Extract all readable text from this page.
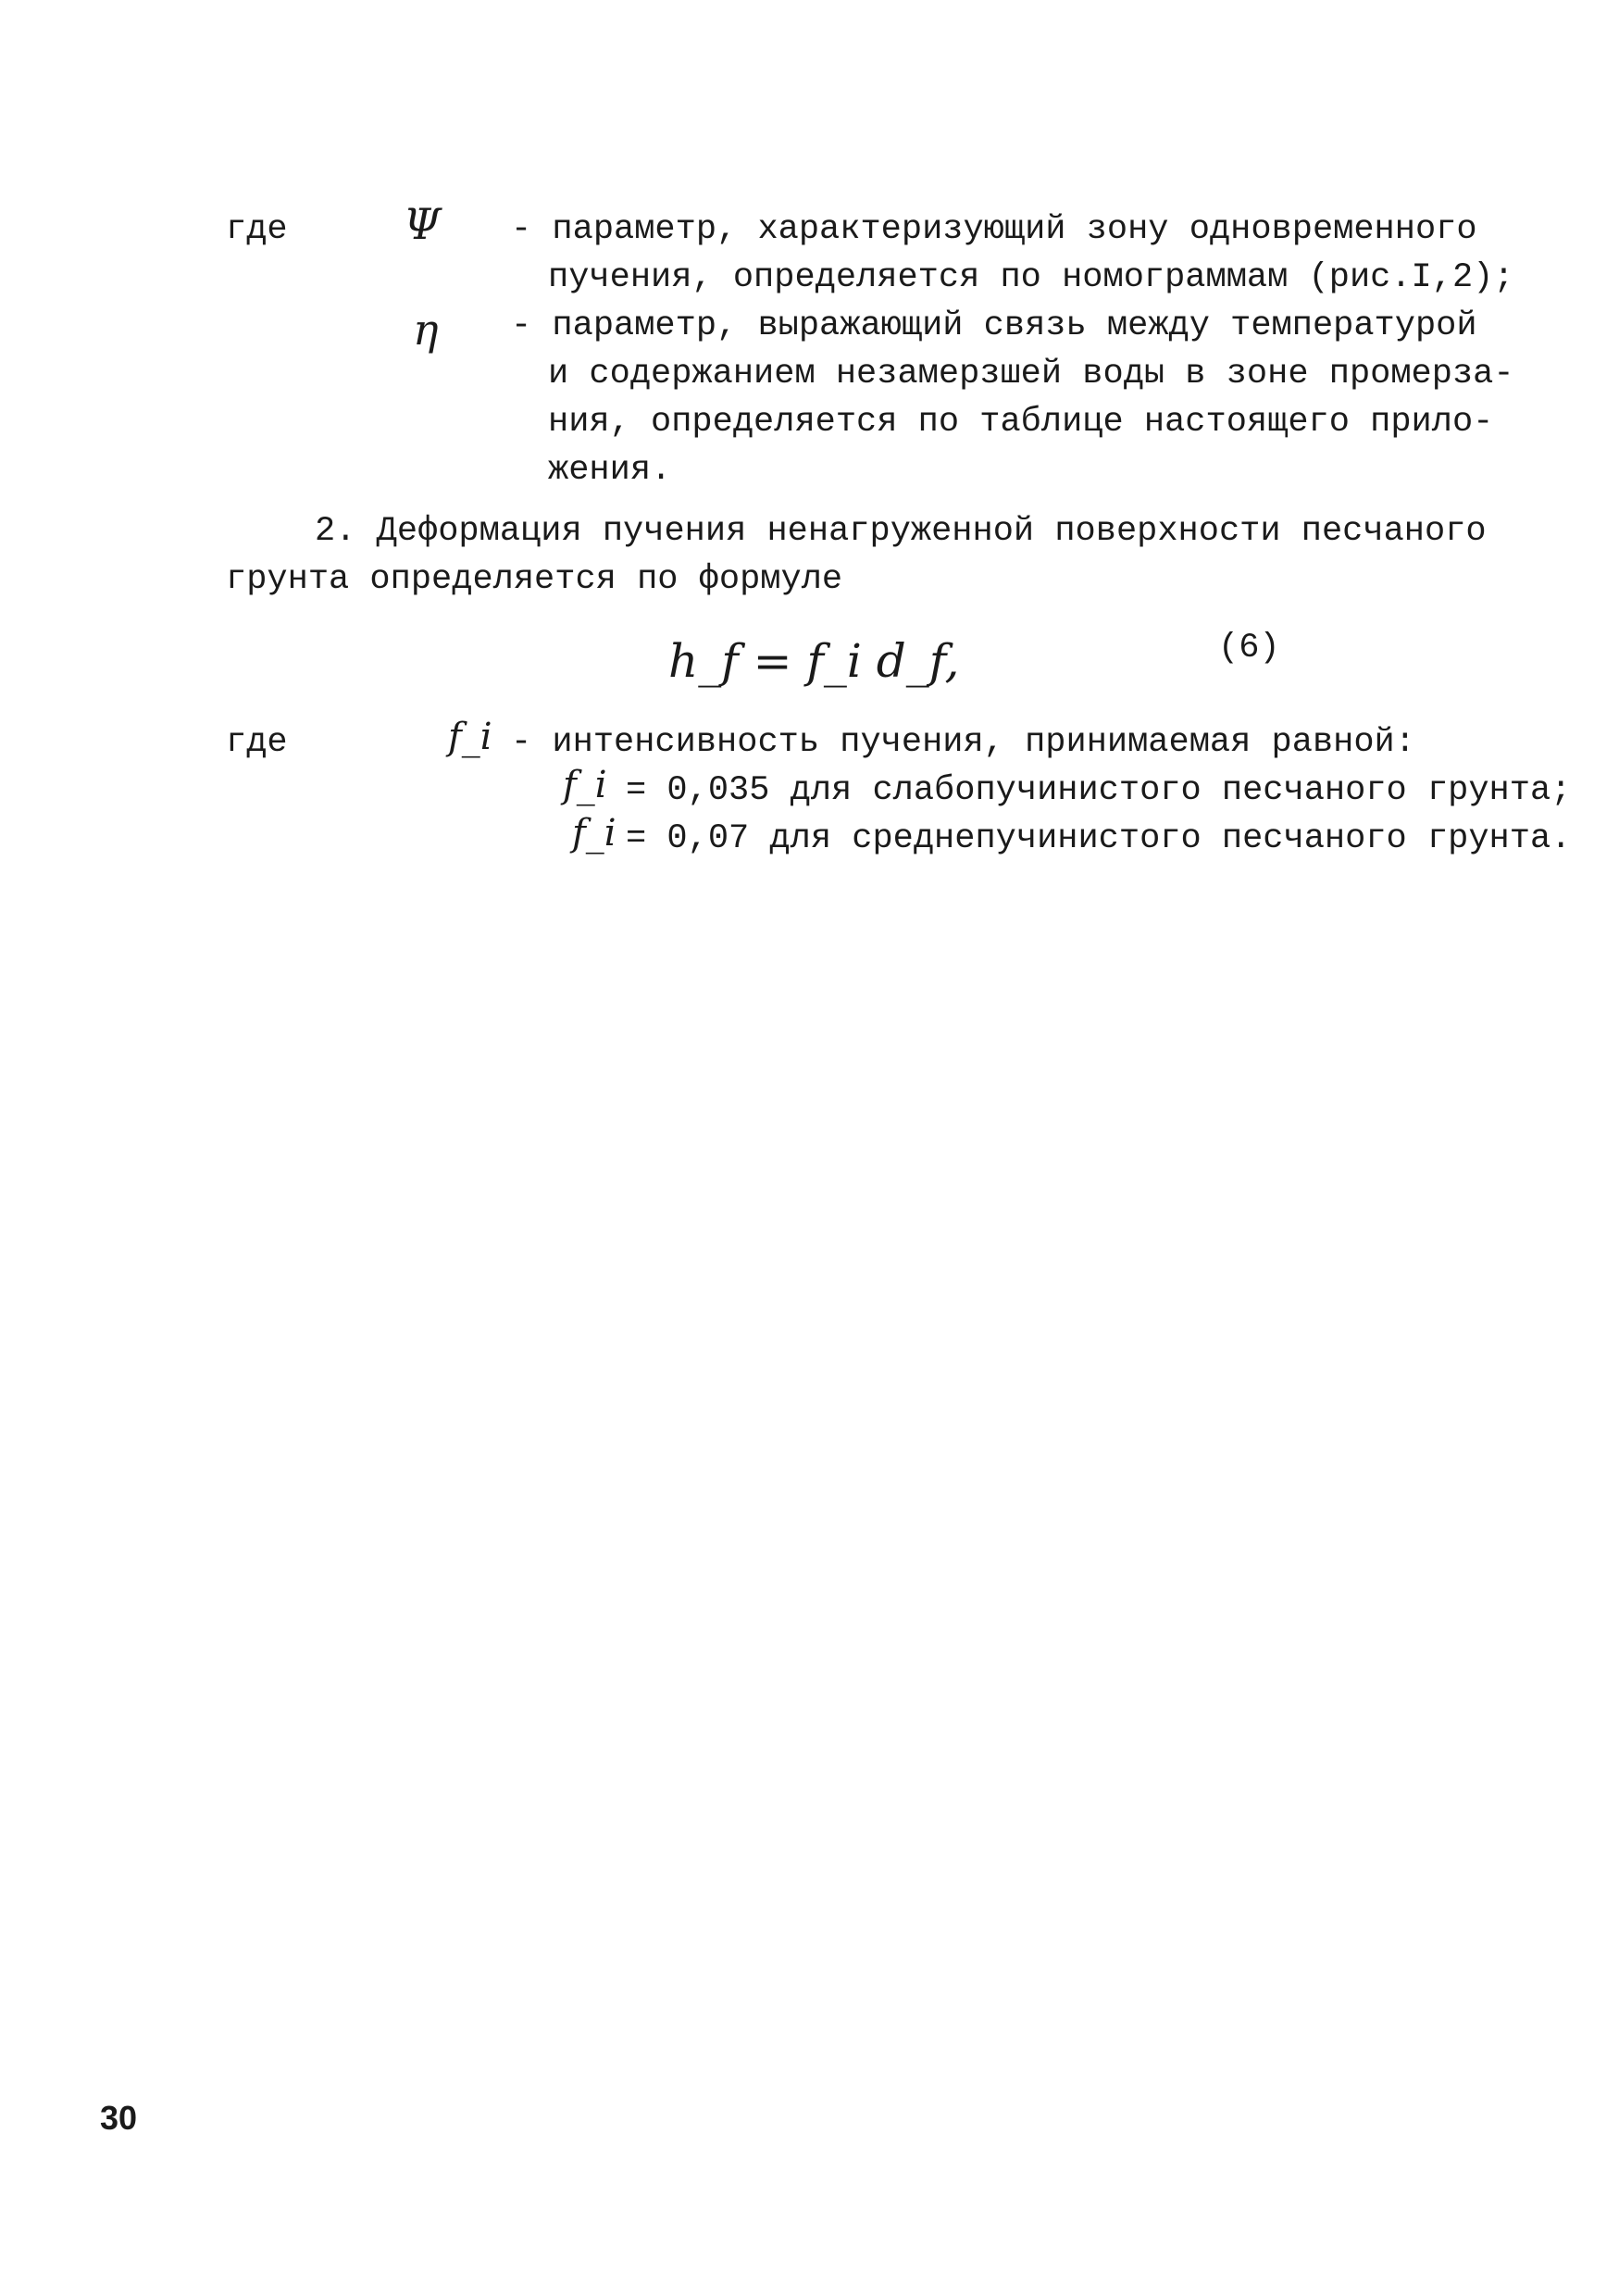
где	Ψ - параметр, характеризующий зону одновременного
пучения, определяется по номограммам (рис.I,2);
η - параметр, выражающий связь между температурой
и содержанием незамерзшей воды в зоне промерза-
ния, определяется по таблице настоящего прило-
жения.
2. Деформация пучения ненагруженной поверхности песчаного
грунта определяется по формуле
h_f = f_i d_f,	(6)
где	f_i - интенсивность пучения, принимаемая равной:
f_i = 0,035 для слабопучинистого песчаного грунта;
f_i = 0,07 для среднепучинистого песчаного грунта.
30
